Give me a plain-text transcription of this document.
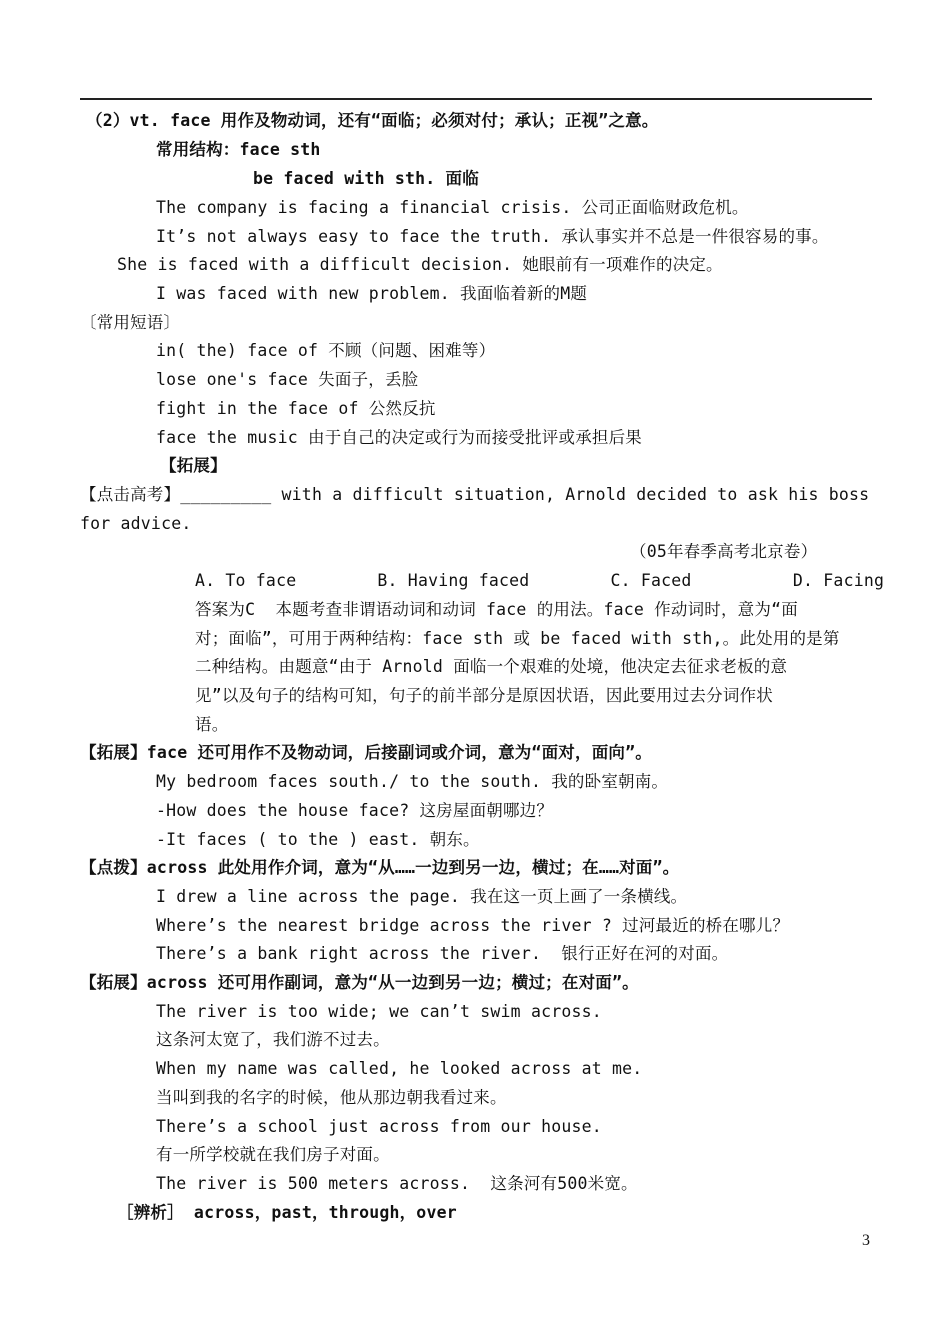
（2）vt. face 用作及物动词，还有“面临；必须对付；承认；正视”之意。
常用结构：face sth
be faced with sth. 面临
The company is facing a financial crisis. 公司正面临财政危机。
It’s not always easy to face the truth. 承认事实并不总是一件很容易的事。
She is faced with a difficult decision. 她眼前有一项难作的决定。
I was faced with new problem. 我面临着新的M题
〔常用短语〕
in( the) face of 不顾（问题、困难等）
lose one's face 失面子，丢脸
fight in the face of 公然反抗
face the music 由于自己的决定或行为而接受批评或承担后果
【拓展】
【点击高考】_________ with a difficult situation, Arnold decided to ask his boss
for advice.
（05年春季高考北京卷）
A. To face        B. Having faced        C. Faced          D. Facing
答案为C  本题考查非谓语动词和动词 face 的用法。face 作动词时，意为“面
对；面临”，可用于两种结构：face sth 或 be faced with sth,。此处用的是第
二种结构。由题意“由于 Arnold 面临一个艰难的处境，他决定去征求老板的意
见”以及句子的结构可知，句子的前半部分是原因状语，因此要用过去分词作状
语。
【拓展】face 还可用作不及物动词，后接副词或介词，意为“面对，面向”。
My bedroom faces south./ to the south. 我的卧室朝南。
-How does the house face? 这房屋面朝哪边？
-It faces ( to the ) east. 朝东。
【点拨】across 此处用作介词，意为“从……一边到另一边，横过；在……对面”。
I drew a line across the page. 我在这一页上画了一条横线。
Where’s the nearest bridge across the river ? 过河最近的桥在哪儿？
There’s a bank right across the river.  银行正好在河的对面。
【拓展】across 还可用作副词，意为“从一边到另一边；横过；在对面”。
The river is too wide; we can’t swim across.
这条河太宽了，我们游不过去。
When my name was called, he looked across at me.
当叫到我的名字的时候，他从那边朝我看过来。
There’s a school just across from our house.
有一所学校就在我们房子对面。
The river is 500 meters across.  这条河有500米宽。
［辨析］ across，past，through，over
3
